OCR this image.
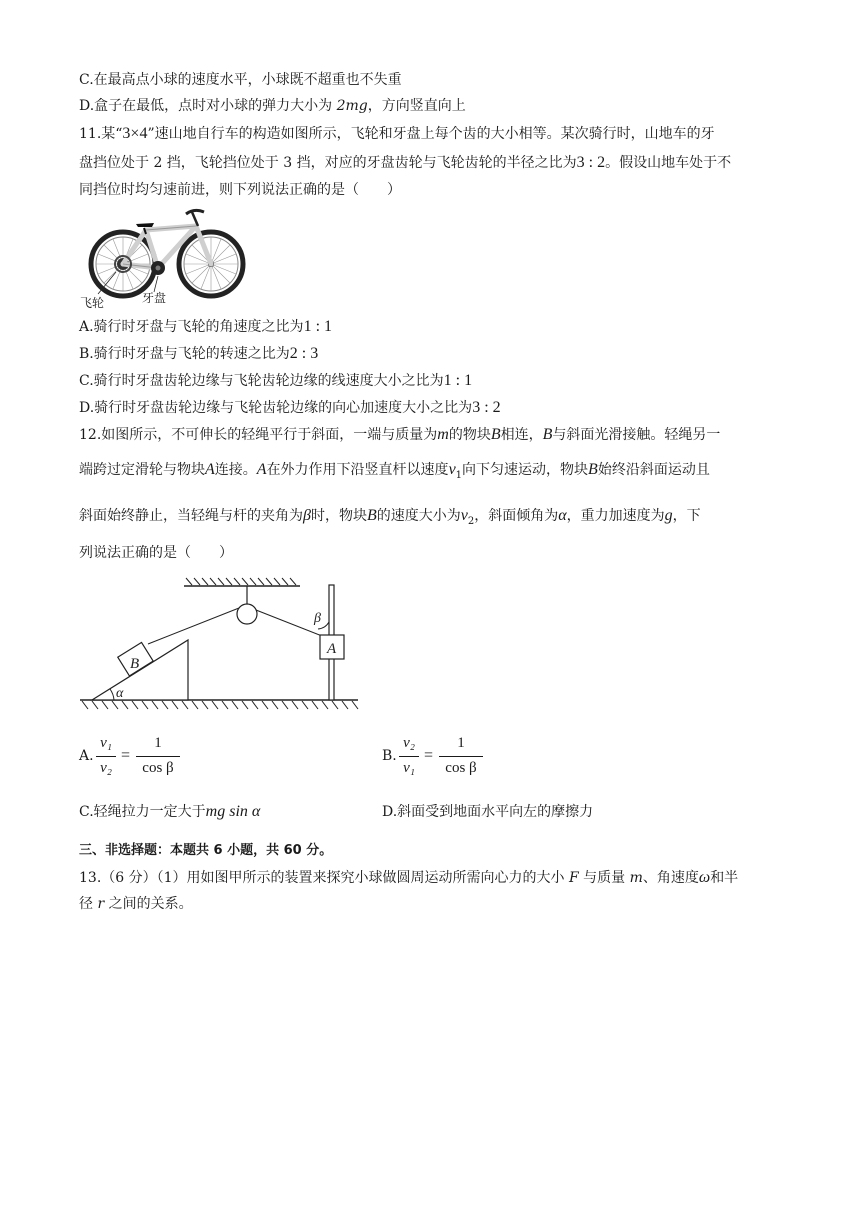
C.在最高点小球的速度水平，小球既不超重也不失重
D.盒子在最低，点时对小球的弹力大小为 2mg，方向竖直向上
11.某“3×4”速山地自行车的构造如图所示，飞轮和牙盘上每个齿的大小相等。某次骑行时，山地车的牙
盘挡位处于 2 挡，飞轮挡位处于 3 挡，对应的牙盘齿轮与飞轮齿轮的半径之比为3 : 2。假设山地车处于不
同挡位时均匀速前进，则下列说法正确的是（　　）
飞轮	牙盘
A.骑行时牙盘与飞轮的角速度之比为1 : 1
B.骑行时牙盘与飞轮的转速之比为2 : 3
C.骑行时牙盘齿轮边缘与飞轮齿轮边缘的线速度大小之比为1 : 1
D.骑行时牙盘齿轮边缘与飞轮齿轮边缘的向心加速度大小之比为3 : 2
12.如图所示，不可伸长的轻绳平行于斜面，一端与质量为m的物块B相连，B与斜面光滑接触。轻绳另一
端跨过定滑轮与物块A连接。A在外力作用下沿竖直杆以速度$v_1$向下匀速运动，物块B始终沿斜面运动且
斜面始终静止，当轻绳与杆的夹角为β时，物块B的速度大小为$v_2$，斜面倾角为α，重力加速度为g，下
列说法正确的是（　　）
α
B
A
β
A.
v₁
v₂
=
1
cos β
B.
v₂
v₁
=
1
cos β
C.轻绳拉力一定大于mg sin α	D.斜面受到地面水平向左的摩擦力
三、非选择题：本题共 6 小题，共 60 分。
13.（6 分）（1）用如图甲所示的装置来探究小球做圆周运动所需向心力的大小 F 与质量 m、角速度ω和半
径 r 之间的关系。
